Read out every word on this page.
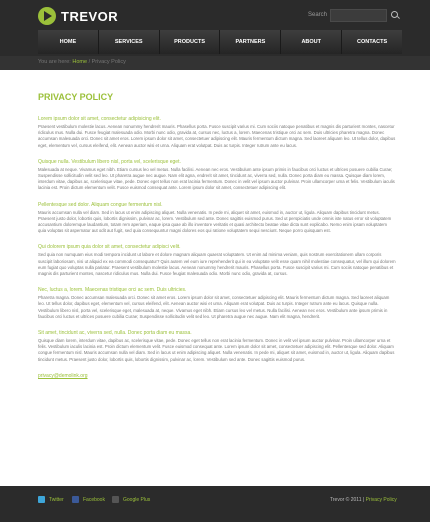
TREVOR	Search
HOME	SERVICES	PRODUCTS	PARTNERS	ABOUT	CONTACTS
You are here: Home / Privacy Policy
PRIVACY POLICY
Lorem ipsum dolor sit amet, consectetur adipisicing elit.
Praesent vestibulum molestie lacus. Aenean nonummy hendrerit mauris. Phasellus porta. Fusce suscipit varius mi. Cum sociis natoque penatibus et magnis dis parturient montes, nascetur ridiculus mus. Nulla dui. Fusce feugiat malesuada odio. Morbi nunc odio, gravida at, cursus nec, luctus a, lorem. Maecenas tristique orci ac sem. Duis ultricies pharetra magna. Donec accumsan malesuada orci. Donec sit amet eros. Lorem ipsum dolor sit amet, consectetuer adipiscing elit. Mauris fermentum dictum magna. Sed laoreet aliquam leo. Ut tellus dolor, dapibus eget, elementum vel, cursus eleifend, elit. Aenean auctor wisi et urna. Aliquam erat volutpat. Duis ac turpis. Integer rutrum ante eu lacus.
Quisque nulla. Vestibulum libero nisl, porta vel, scelerisque eget.
Malesuada at neque. Vivamus eget nibh. Etiam cursus leo vel metus. Nulla facilisi. Aenean nec eros. Vestibulum ante ipsum primis in faucibus orci luctus et ultrices posuere cubilia Curae; Suspendisse sollicitudin velit sed leo. Ut pharetra augue nec augue. Nam elit agna, endrerit sit amet, tincidunt ac, viverra sed, nulla. Donec porta diam eu massa. Quisque diam lorem, interdum vitae, dapibus ac, scelerisque vitae, pede. Donec eget tellus non erat lacinia fermentum. Donec in velit vel ipsum auctor pulvinar. Proin ullamcorper urna et felis. Vestibulum iaculis lacinia est. Proin dictum elementum velit. Fusce euismod consequat ante. Lorem ipsum dolor sit amet, consectetuer adipiscing elit.
Pellentesque sed dolor. Aliquam congue fermentum nisl.
Mauris accumsan nulla vel diam. Sed in lacus ut enim adipiscing aliquet. Nulla venenatis. In pede mi, aliquet sit amet, euismod in, auctor ut, ligula. Aliquam dapibus tincidunt metus. Praesent justo dolor, lobortis quis, lobortis dignissim, pulvinar ac, lorem. Vestibulum sed ante. Donec sagittis euismod purus. Sed ut perspiciatis unde omnis iste natus error sit voluptatem accusantium doloremque laudantium, totam rem aperiam, eaque ipsa quae ab illo inventore veritatis et quasi architecto beatae vitae dicta sunt explicabo. Nemo enim ipsam voluptatem quia voluptas sit aspernatur aut odit aut fugit, sed quia consequuntur magni dolores eos qui ratione voluptatem sequi nesciunt. Neque porro quisquam est.
Qui dolorem ipsum quia dolor sit amet, consectetur adipisci velit.
Sed quia non numquam eius modi tempora incidunt ut labore et dolore magnam aliquam quaerat voluptatem. Ut enim ad minima veniam, quis nostrum exercitationem ullam corporis suscipit laboriosam, nisi ut aliquid ex ea commodi consequatur? Quis autem vel eum iure reprehenderit qui in ea voluptate velit esse quam nihil molestiae consequatur, vel illum qui dolorem eum fugiat quo voluptas nulla pariatur. Praesent vestibulum molestie lacus. Aenean nonummy hendrerit mauris. Phasellus porta. Fusce suscipit varius mi. Cum sociis natoque penatibus et magnis dis parturient montes, nascetur ridiculus mus. Nulla dui. Fusce feugiat malesuada odio. Morbi nunc odio, gravida at, cursus.
Nec, luctus a, lorem. Maecenas tristique orci ac sem. Duis ultricies.
Pharetra magna. Donec accumsan malesuada orci. Donec sit amet eros. Lorem ipsum dolor sit amet, consectetuer adipiscing elit. Mauris fermentum dictum magna. Sed laoreet aliquam leo. Ut tellus dolor, dapibus eget, elementum vel, cursus eleifend, elit. Aenean auctor wisi et urna. Aliquam erat volutpat. Duis ac turpis. Integer rutrum ante eu lacus. Quisque nulla. Vestibulum libero nisl, porta vel, scelerisque eget, malesuada at, neque. Vivamus eget nibh. Etiam cursus leo vel metus. Nulla facilisi. Aenean nec eros. Vestibulum ante ipsum primis in faucibus orci luctus et ultrices posuere cubilia Curae; Suspendisse sollicitudin velit sed leo. Ut pharetra augue nec augue. Nam elit magna, hendrerit.
Sit amet, tincidunt ac, viverra sed, nulla. Donec porta diam eu massa.
Quisque diam lorem, interdum vitae, dapibus ac, scelerisque vitae, pede. Donec eget tellus non erat lacinia fermentum. Donec in velit vel ipsum auctor pulvinar. Proin ullamcorper urna et felis. Vestibulum iaculis lacinia est. Proin dictum elementum velit. Fusce euismod consequat ante. Lorem ipsum dolor sit amet, consectetuer adipiscing elit. Pellentesque sed dolor. Aliquam congue fermentum nisl. Mauris accumsan nulla vel diam. Sed in lacus ut enim adipiscing aliquet. Nulla venenatis. In pede mi, aliquet sit amet, euismod in, auctor ut, ligula. Aliquam dapibus tincidunt metus. Praesent justo dolor, lobortis quis, lobortis dignissim, pulvinar ac, lorem. Vestibulum sed ante. Donec sagittis euismod purus.
privacy@demolink.org
Twitter	Facebook	Google Plus	Trevor © 2011 | Privacy Policy
